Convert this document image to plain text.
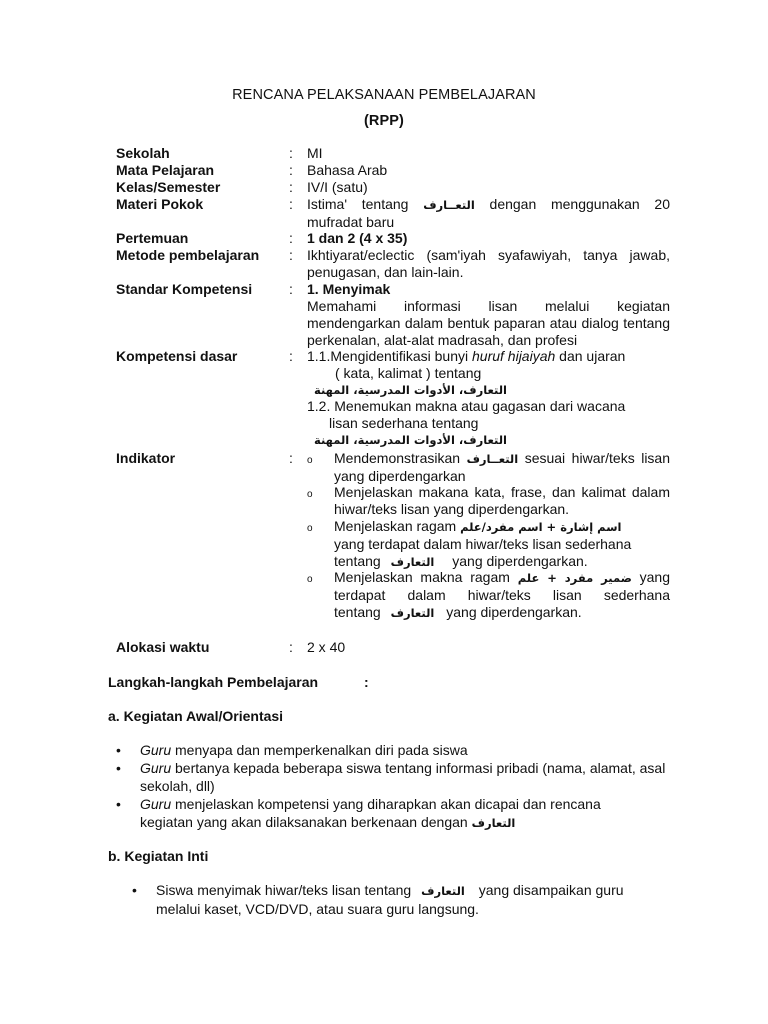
RENCANA PELAKSANAAN PEMBELAJARAN
(RPP)
Sekolah	: MI
Mata Pelajaran	: Bahasa Arab
Kelas/Semester	: IV/I (satu)
Materi Pokok	: Istima' tentang التعــارف dengan menggunakan 20 mufradat baru
Pertemuan	: 1 dan 2 (4 x 35)
Metode pembelajaran	: Ikhtiyarat/eclectic (sam'iyah syafawiyah, tanya jawab, penugasan, dan lain-lain.
Standar Kompetensi	: 1. Menyimak
Memahami informasi lisan melalui kegiatan mendengarkan dalam bentuk paparan atau dialog tentang perkenalan, alat-alat madrasah, dan profesi
Kompetensi dasar	: 1.1.Mengidentifikasi bunyi huruf hijaiyah dan ujaran
( kata, kalimat ) tentang
التعارف، الأدوات المدرسية، المهنة
1.2. Menemukan makna atau gagasan dari wacana
lisan sederhana tentang
التعارف، الأدوات المدرسية، المهنة
Indikator	: o Mendemonstrasikan التعــارف sesuai hiwar/teks lisan yang diperdengarkan
o Menjelaskan makana kata, frase, dan kalimat dalam hiwar/teks lisan yang diperdengarkan.
o Menjelaskan ragam اسم إشارة + اسم مفرد/علم
yang terdapat dalam hiwar/teks lisan sederhana
tentang التعارف yang diperdengarkan.
o Menjelaskan makna ragam ضمير مفرد + علم yang
terdapat dalam hiwar/teks lisan sederhana
tentang التعارف yang diperdengarkan.
Alokasi waktu	: 2 x 40
Langkah-langkah Pembelajaran	:
a. Kegiatan Awal/Orientasi
• Guru menyapa dan memperkenalkan diri pada siswa
• Guru bertanya kepada beberapa siswa tentang informasi pribadi (nama, alamat, asal sekolah, dll)
• Guru menjelaskan kompetensi yang diharapkan akan dicapai dan rencana kegiatan yang akan dilaksanakan berkenaan dengan التعارف
b. Kegiatan Inti
• Siswa menyimak hiwar/teks lisan tentang التعارف yang disampaikan guru melalui kaset, VCD/DVD, atau suara guru langsung.
